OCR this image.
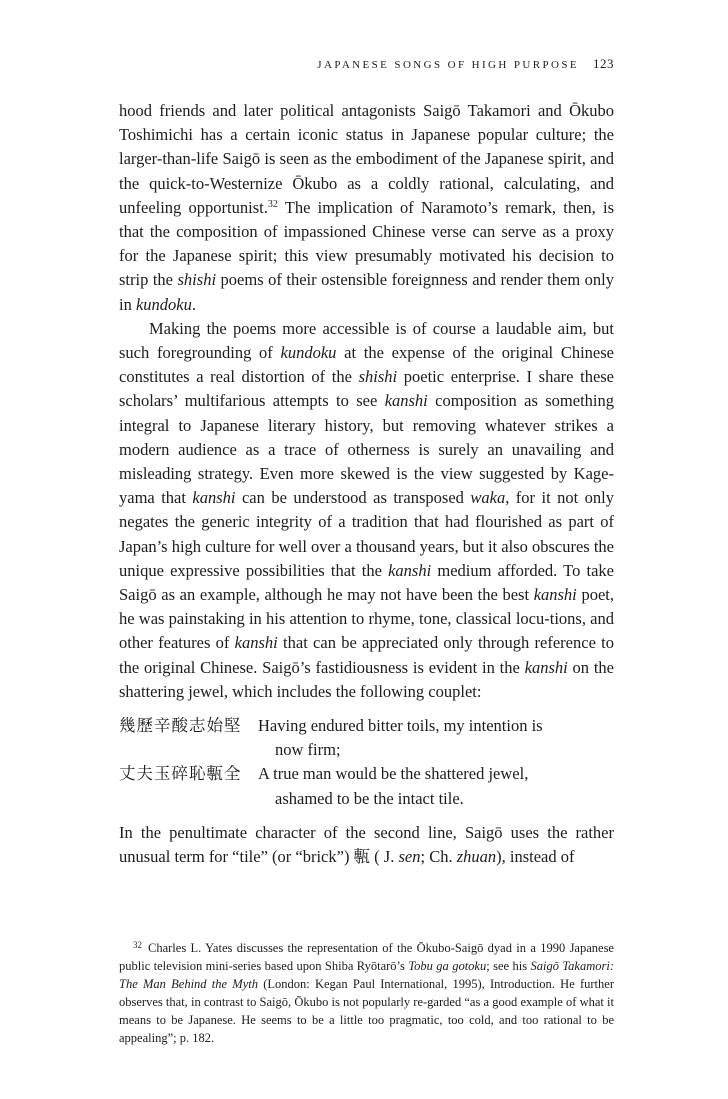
JAPANESE SONGS OF HIGH PURPOSE 123

hood friends and later political antagonists Saigō Takamori and Ōkubo Toshimichi has a certain iconic status in Japanese popular culture; the larger-than-life Saigō is seen as the embodiment of the Japanese spirit, and the quick-to-Westernize Ōkubo as a coldly rational, calculating, and unfeeling opportunist.$^{32}$ The implication of Naramoto’s remark, then, is that the composition of impassioned Chinese verse can serve as a proxy for the Japanese spirit; this view presumably motivated his decision to strip the shishi poems of their ostensible foreignness and render them only in kundoku.

Making the poems more accessible is of course a laudable aim, but such foregrounding of kundoku at the expense of the original Chinese constitutes a real distortion of the shishi poetic enterprise. I share these scholars’ multifarious attempts to see kanshi composition as something integral to Japanese literary history, but removing whatever strikes a modern audience as a trace of otherness is surely an unavailing and misleading strategy. Even more skewed is the view suggested by Kage-yama that kanshi can be understood as transposed waka, for it not only negates the generic integrity of a tradition that had flourished as part of Japan’s high culture for well over a thousand years, but it also obscures the unique expressive possibilities that the kanshi medium afforded. To take Saigō as an example, although he may not have been the best kanshi poet, he was painstaking in his attention to rhyme, tone, classical locu-tions, and other features of kanshi that can be appreciated only through reference to the original Chinese. Saigō’s fastidiousness is evident in the kanshi on the shattering jewel, which includes the following couplet:

幾歷辛酸志始堅	Having endured bitter toils, my intention is
now firm;
丈夫玉碎恥甎全	A true man would be the shattered jewel,
ashamed to be the intact tile.

In the penultimate character of the second line, Saigō uses the rather unusual term for “tile” (or “brick”) 甎 ( J. sen; Ch. zhuan), instead of

$^{32}$ Charles L. Yates discusses the representation of the Ōkubo-Saigō dyad in a 1990 Japanese public television mini-series based upon Shiba Ryōtarō’s Tobu ga gotoku; see his Saigō Takamori: The Man Behind the Myth (London: Kegan Paul International, 1995), Introduction. He further observes that, in contrast to Saigō, Ōkubo is not popularly re-garded “as a good example of what it means to be Japanese. He seems to be a little too pragmatic, too cold, and too rational to be appealing”; p. 182.
